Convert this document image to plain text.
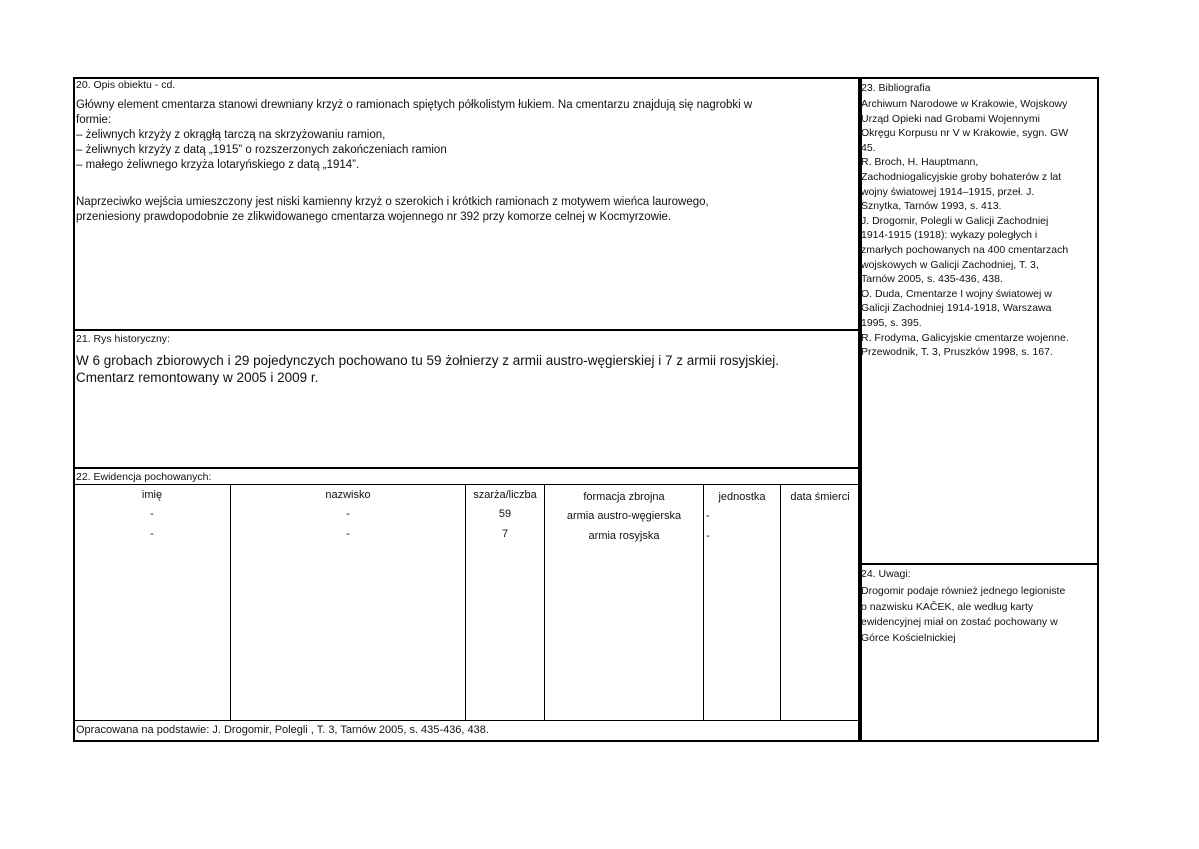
20. Opis obiektu - cd.
Główny element cmentarza stanowi drewniany krzyż o ramionach spiętych półkolistym łukiem. Na cmentarzu znajdują się nagrobki w
formie:
– żeliwnych krzyży z okrągłą tarczą na skrzyżowaniu ramion,
– żeliwnych krzyży z datą „1915” o rozszerzonych zakończeniach ramion
– małego żeliwnego krzyża lotaryńskiego z datą „1914”.
Naprzeciwko wejścia umieszczony jest niski kamienny krzyż o szerokich i krótkich ramionach z motywem wieńca laurowego,
przeniesiony prawdopodobnie ze zlikwidowanego cmentarza wojennego nr 392 przy komorze celnej w Kocmyrzowie.
21. Rys historyczny:
W 6 grobach zbiorowych i 29 pojedynczych pochowano tu 59 żołnierzy z armii austro-węgierskiej i 7 z armii rosyjskiej.
Cmentarz remontowany w 2005 i 2009 r.
22. Ewidencja pochowanych:
imię	nazwisko	szarża/liczba	formacja zbrojna	jednostka	data śmierci
-	-	59	armia austro-węgierska	-
-	-	7	armia rosyjska	-
Opracowana na podstawie: J. Drogomir, Polegli , T. 3, Tarnów 2005, s. 435-436, 438.
23. Bibliografia
Archiwum Narodowe w Krakowie, Wojskowy
Urząd Opieki nad Grobami Wojennymi
Okręgu Korpusu nr V w Krakowie, sygn. GW
45.
R. Broch, H. Hauptmann,
Zachodniogalicyjskie groby bohaterów z lat
wojny światowej 1914–1915, przeł. J.
Sznytka, Tarnów 1993, s. 413.
J. Drogomir, Polegli w Galicji Zachodniej
1914-1915 (1918): wykazy poległych i
zmarłych pochowanych na 400 cmentarzach
wojskowych w Galicji Zachodniej, T. 3,
Tarnów 2005, s. 435-436, 438.
O. Duda, Cmentarze I wojny światowej w
Galicji Zachodniej 1914-1918, Warszawa
1995, s. 395.
R. Frodyma, Galicyjskie cmentarze wojenne.
Przewodnik, T. 3, Pruszków 1998, s. 167.
24. Uwagi:
Drogomir podaje również jednego legioniste
o nazwisku KAČEK, ale według karty
ewidencyjnej miał on zostać pochowany w
Górce Kościelnickiej
